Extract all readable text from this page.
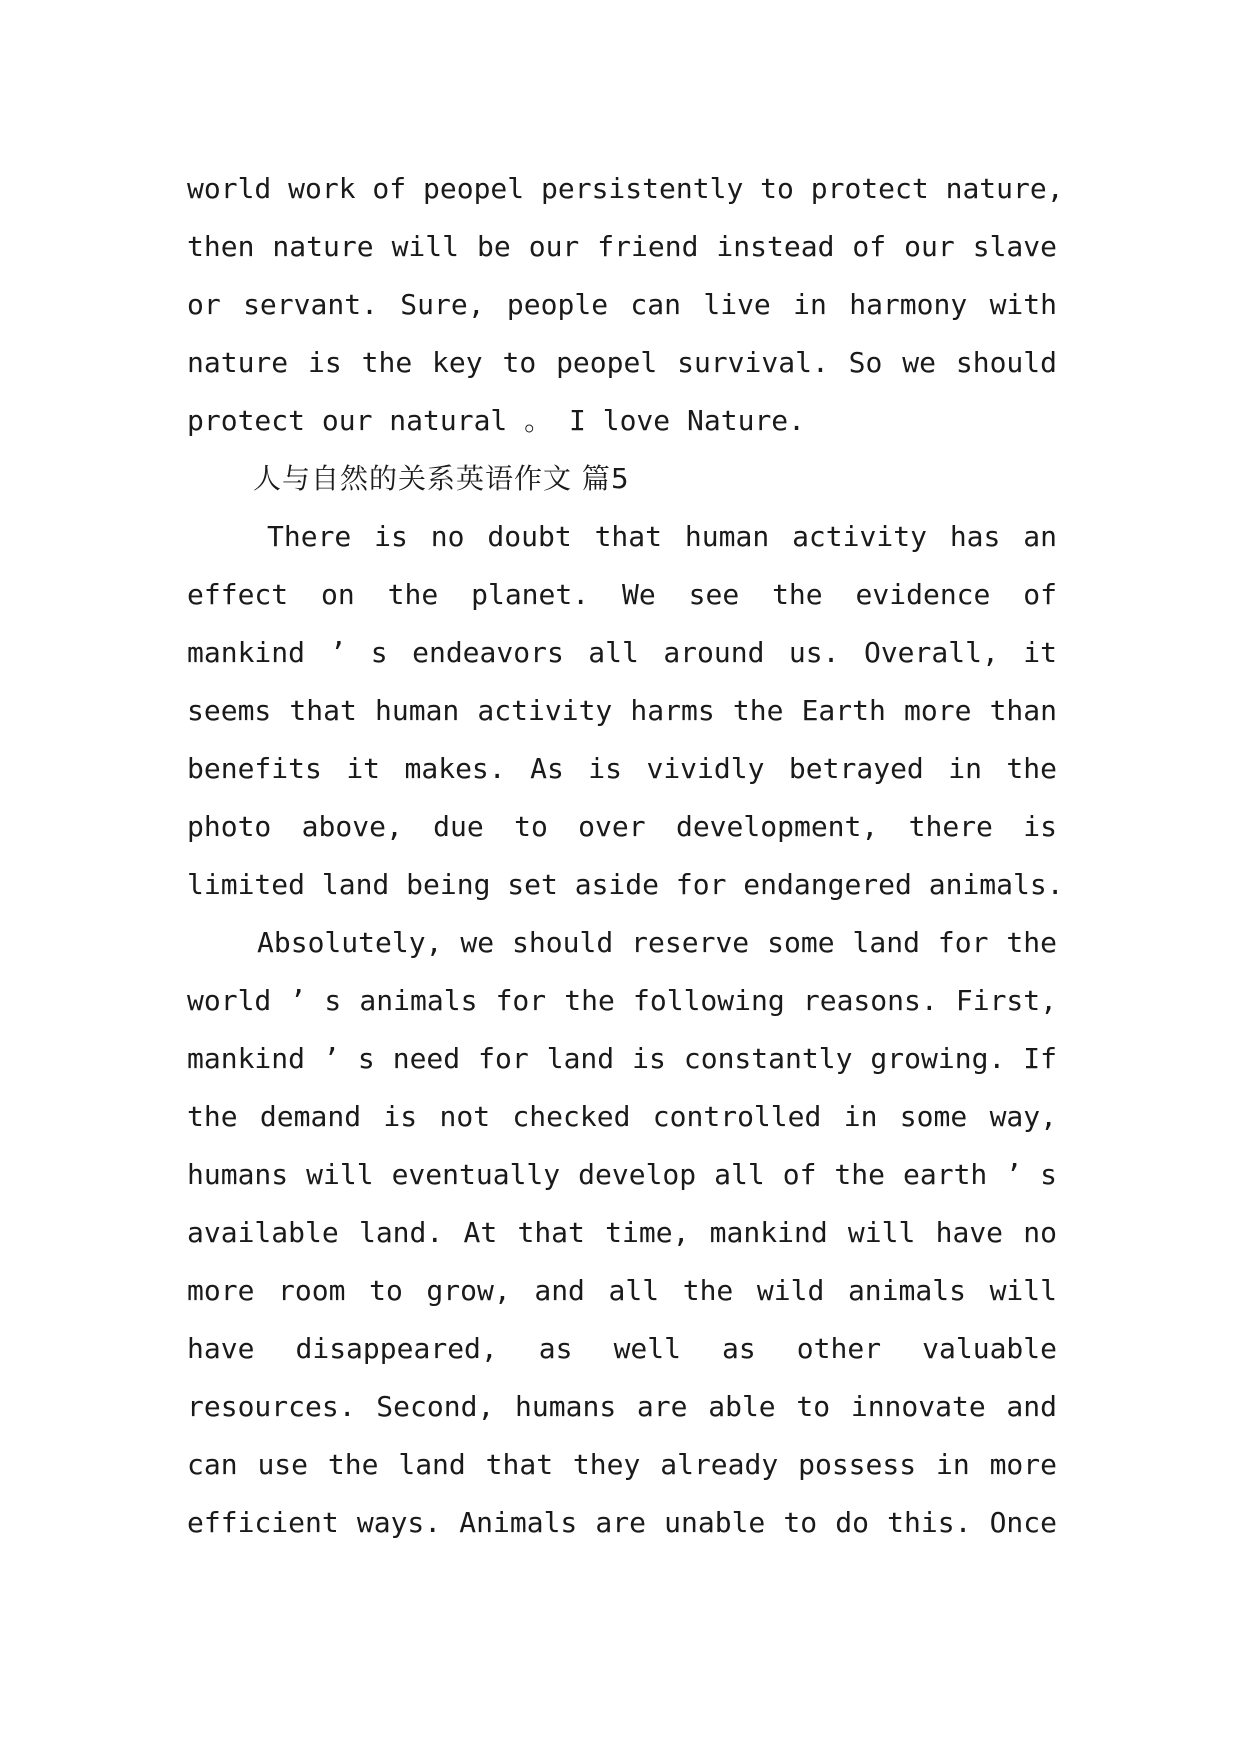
world work of peopel persistently to protect nature,
then nature will be our friend instead of our slave
or servant. Sure, people can live in harmony with
nature is the key to peopel survival. So we should
protect our natural 。 I love Nature.
人与自然的关系英语作文 篇5
There is no doubt that human activity has an
effect on the planet. We see the evidence of
mankind ’ s endeavors all around us. Overall, it
seems that human activity harms the Earth more than
benefits it makes. As is vividly betrayed in the
photo above, due to over development, there is
limited land being set aside for endangered animals.
Absolutely, we should reserve some land for the
world ’ s animals for the following reasons. First,
mankind ’ s need for land is constantly growing. If
the demand is not checked controlled in some way,
humans will eventually develop all of the earth ’ s
available land. At that time, mankind will have no
more room to grow, and all the wild animals will
have disappeared, as well as other valuable
resources. Second, humans are able to innovate and
can use the land that they already possess in more
efficient ways. Animals are unable to do this. Once
